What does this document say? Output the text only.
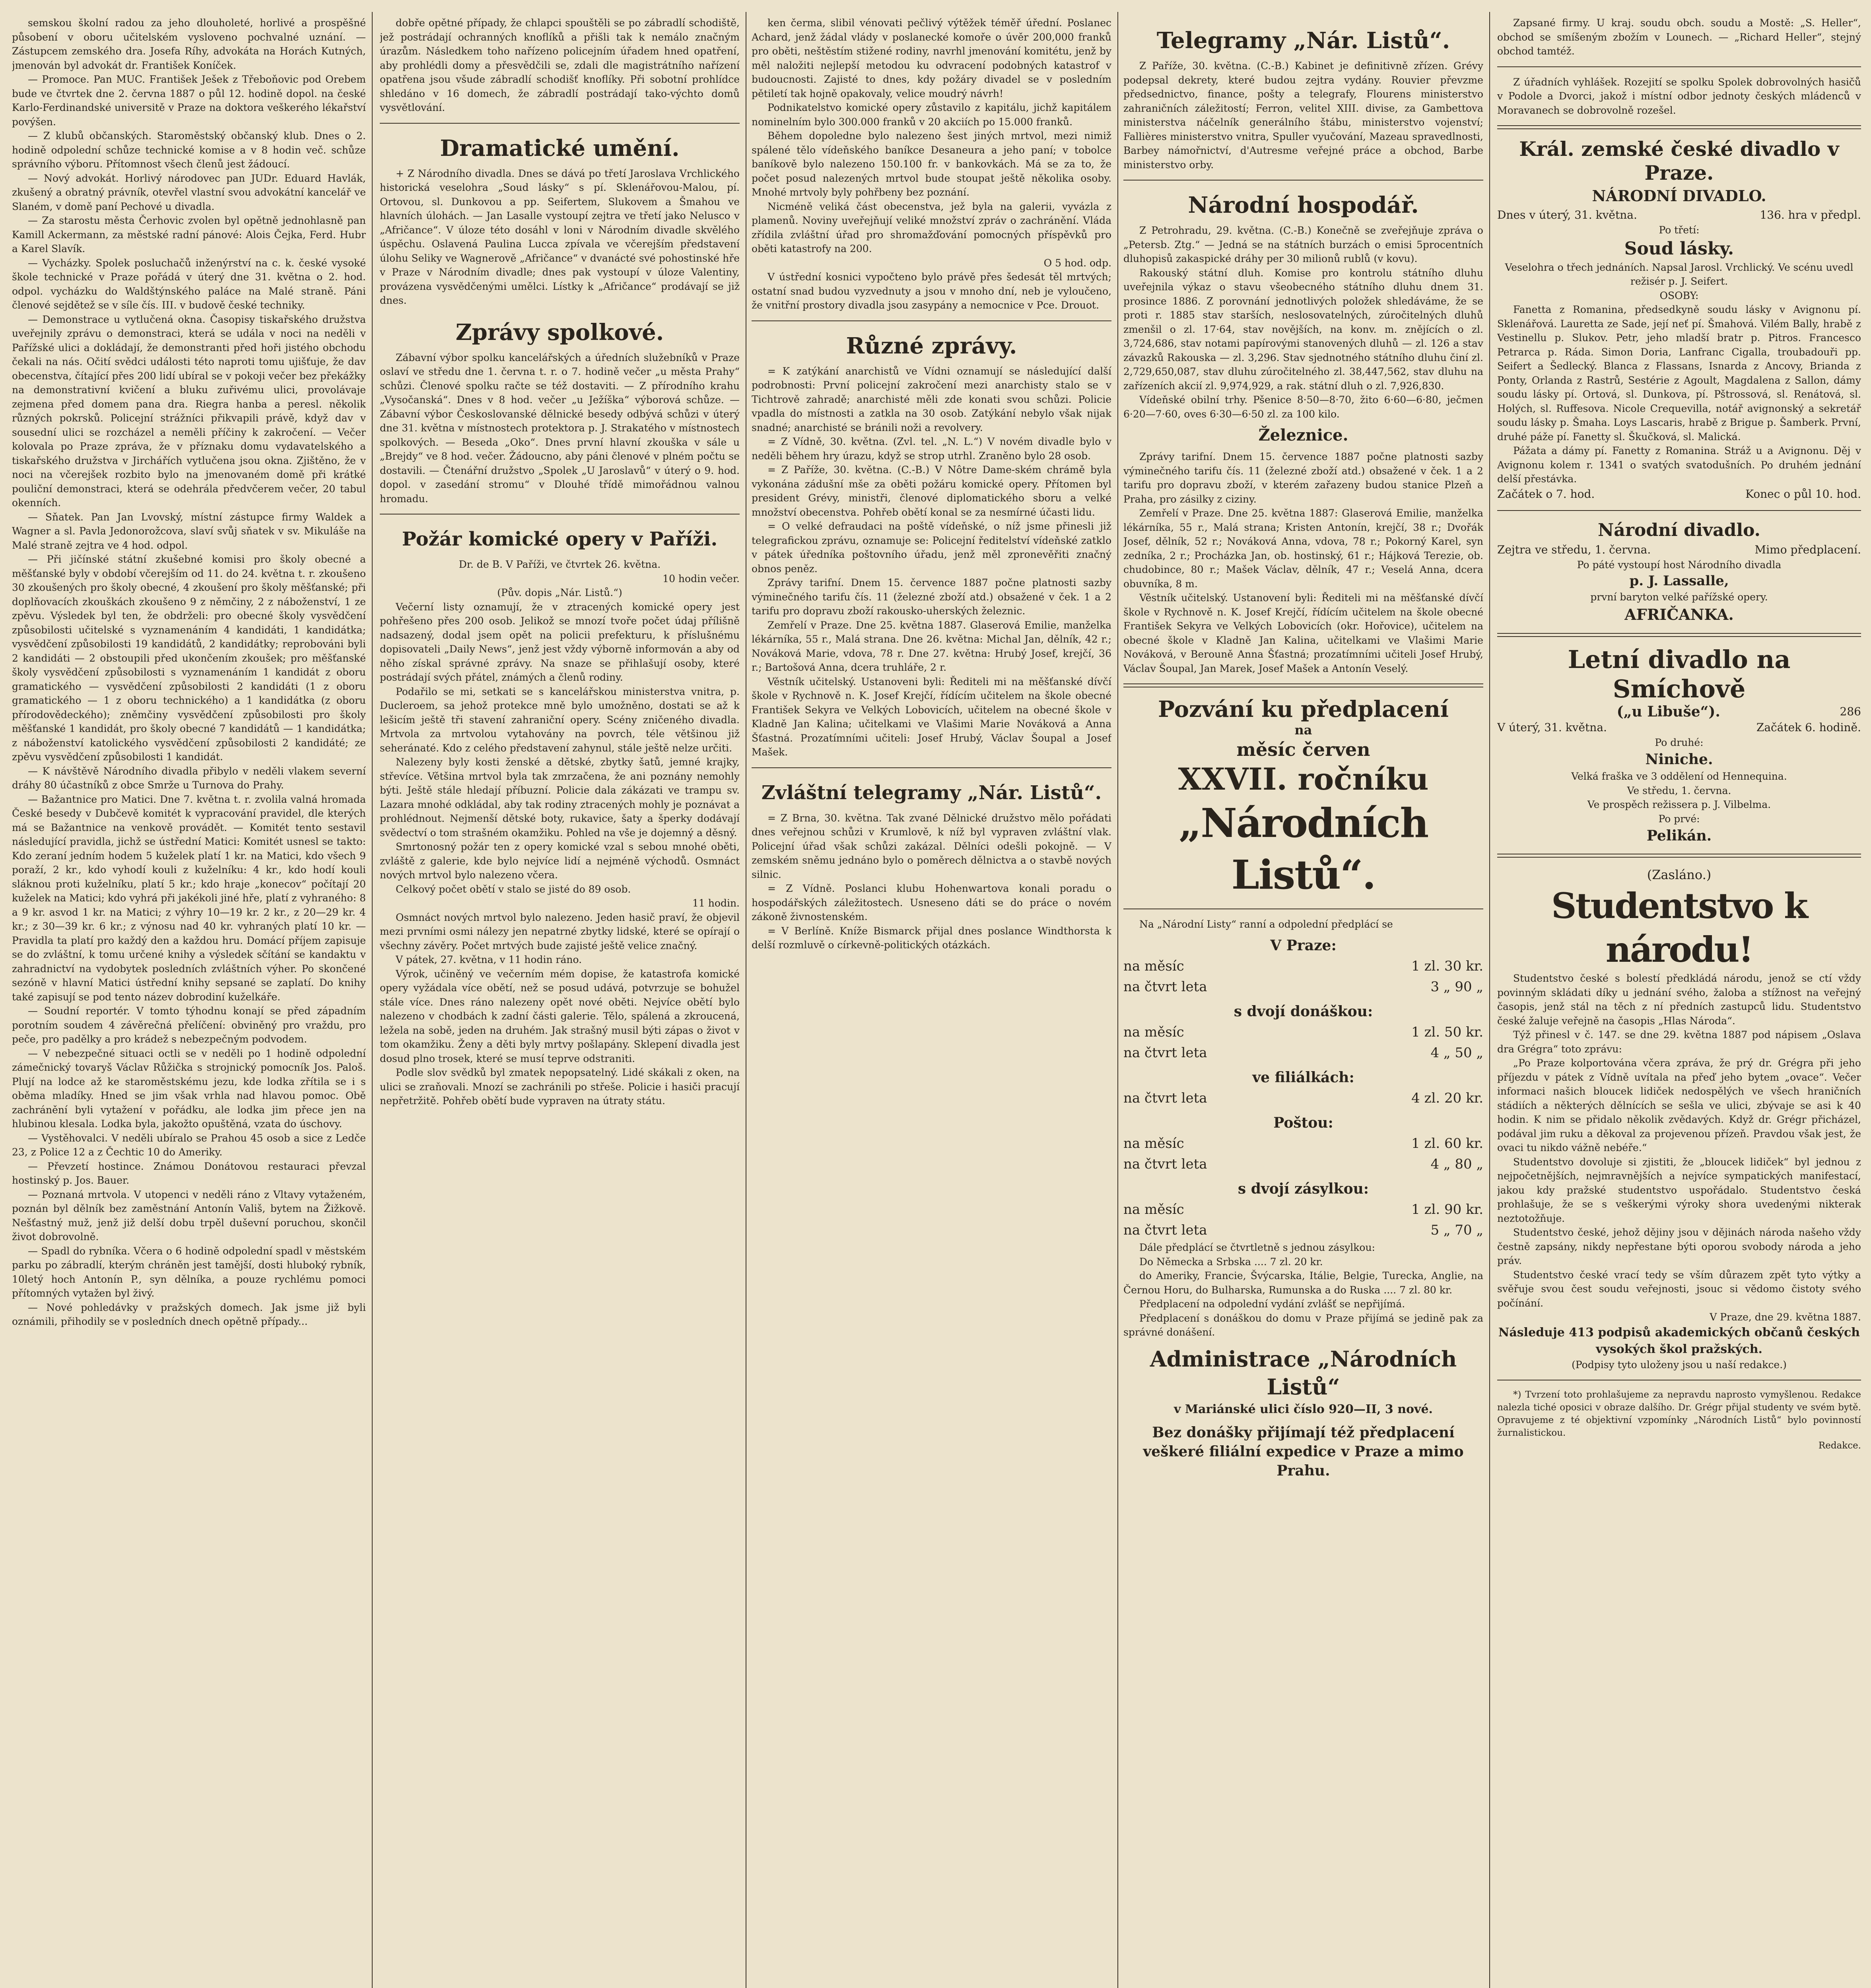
semskou školní radou za jeho dlouholeté, horlivé a prospěšné působení v oboru učitelském vysloveno pochvalné uznání. — Zástupcem zemského dra. Josefa Ríhy, advokáta na Horách Kutných, jmenován byl advokát dr. František Koníček.

— Promoce. Pan MUC. František Ješek z Třeboňovic pod Orebem bude ve čtvrtek dne 2. června 1887 o půl 12. hodině dopol. na české Karlo-Ferdinandské universitě v Praze na doktora veškerého lékařství povýšen.

— Z klubů občanských. Staroměstský občanský klub. Dnes o 2. hodině odpolední schůze technické komise a v 8 hodin več. schůze správního výboru. Přítomnost všech členů jest žádoucí.

— Nový advokát. Horlivý národovec pan JUDr. Eduard Havlák, zkušený a obratný právník, otevřel vlastní svou advokátní kancelář ve Slaném, v domě paní Pechové u divadla.

— Za starostu města Čerhovic zvolen byl opětně jednohlasně pan Kamill Ackermann, za městské radní pánové: Alois Čejka, Ferd. Hubr a Karel Slavík.

— Vycházky. Spolek posluchačů inženýrství na c. k. české vysoké škole technické v Praze pořádá v úterý dne 31. května o 2. hod. odpol. vycházku do Waldštýnského paláce na Malé straně. Páni členové sejdětež se v síle čís. III. v budově české techniky.

— Demonstrace u vytlučená okna. Časopisy tiskařského družstva uveřejnily zprávu o demonstraci, která se udála v noci na neděli v Pařížské ulici a dokládají, že demonstranti před hoři jistého obchodu čekali na nás. Očití svědci události této naproti tomu ujišťuje, že dav obecenstva, čítající přes 200 lidí ubíral se v pokoji večer bez překážky na demonstrativní kvičení a bluku zuřivému ulici, provolávaje zejmena před domem pana dra. Riegra hanba a peresl. několik různých pokrsků. Policejní strážníci přikvapili právě, když dav v sousední ulici se rozcházel a neměli příčiny k zakročení. — Večer kolovala po Praze zpráva, že v příznaku domu vydavatelského a tiskařského družstva v Jirchářích vytlučena jsou okna. Zjištěno, že v noci na včerejšek rozbito bylo na jmenovaném domě při krátké pouliční demonstraci, která se odehrála předvčerem večer, 20 tabul okenních.

— Sňatek. Pan Jan Lvovský, místní zástupce firmy Waldek a Wagner a sl. Pavla Jedonorožcova, slaví svůj sňatek v sv. Mikuláše na Malé straně zejtra ve 4 hod. odpol.

— Při jičínské státní zkušebné komisi pro školy obecné a měšťanské byly v období včerejším od 11. do 24. května t. r. zkoušeno 30 zkoušených pro školy obecné, 4 zkoušení pro školy měšťanské; při doplňovacích zkouškách zkoušeno 9 z němčiny, 2 z náboženství, 1 ze zpěvu. Výsledek byl ten, že obdrželi: pro obecné školy vysvědčení způsobilosti učitelské s vyznamenáním 4 kandidáti, 1 kandidátka; vysvědčení způsobilosti 19 kandidátů, 2 kandidátky; reprobováni byli 2 kandidáti — 2 obstoupili před ukončením zkoušek; pro měšťanské školy vysvědčení způsobilosti s vyznamenáním 1 kandidát z oboru gramatického — vysvědčení způsobilosti 2 kandidáti (1 z oboru gramatického — 1 z oboru technického) a 1 kandidátka (z oboru přírodovědeckého); zněmčiny vysvědčení způsobilosti pro školy měšťanské 1 kandidát, pro školy obecné 7 kandidátů — 1 kandidátka; z náboženství katolického vysvědčení způsobilosti 2 kandidáté; ze zpěvu vysvědčení způsobilosti 1 kandidát.

— K návštěvě Národního divadla přibylo v neděli vlakem severní dráhy 80 účastníků z obce Smrže u Turnova do Prahy.

— Bažantnice pro Matici. Dne 7. května t. r. zvolila valná hromada České besedy v Dubčevě komitét k vypracování pravidel, dle kterých má se Bažantnice na venkově provádět. — Komitét tento sestavil následující pravidla, jichž se ústřední Matici: Komitét usnesl se takto: Kdo zeraní jedním hodem 5 kuželek platí 1 kr. na Matici, kdo všech 9 poraží, 2 kr., kdo vyhodí kouli z kuželníku: 4 kr., kdo hodí kouli sláknou proti kuželníku, platí 5 kr.; kdo hraje „konecov“ počítají 20 kuželek na Matici; kdo vyhrá při jakékoli jiné hře, platí z vyhraného: 8 a 9 kr. asvod 1 kr. na Matici; z výhry 10—19 kr. 2 kr., z 20—29 kr. 4 kr.; z 30—39 kr. 6 kr.; z výnosu nad 40 kr. vyhraných platí 10 kr. — Pravidla ta platí pro každý den a každou hru. Domácí příjem zapisuje se do zvláštní, k tomu určené knihy a výsledek sčítání se kandaktu v zahradnictví na vydobytek posledních zvláštních výher. Po skončené sezóně v hlavní Matici ústřední knihy sepsané se zaplatí. Do knihy také zapisují se pod tento název dobrodiní kuželkáře.

— Soudní reportér. V tomto týhodnu konají se před západním porotním soudem 4 závěrečná přelíčení: obviněný pro vraždu, pro peče, pro padělky a pro krádež s nebezpečným podvodem.

— V nebezpečné situaci octli se v neděli po 1 hodině odpolední zámečnický tovaryš Václav Růžička s strojnický pomocník Jos. Paloš. Plují na lodce až ke staroměstskému jezu, kde lodka zřítila se i s oběma mladíky. Hned se jim však vrhla nad hlavou pomoc. Obě zachránění byli vytažení v pořádku, ale lodka jim přece jen na hlubinou klesala. Lodka byla, jakožto opuštěná, vzata do úschovy.

— Vystěhovalci. V neděli ubíralo se Prahou 45 osob a sice z Ledče 23, z Police 12 a z Čechtic 10 do Ameriky.

— Převzetí hostince. Známou Donátovou restauraci převzal hostinský p. Jos. Bauer.

— Poznaná mrtvola. V utopenci v neděli ráno z Vltavy vytaženém, poznán byl dělník bez zaměstnání Antonín Vališ, bytem na Žižkově. Nešťastný muž, jenž již delší dobu trpěl duševní poruchou, skončil život dobrovolně.

— Spadl do rybníka. Včera o 6 hodině odpolední spadl v městském parku po zábradlí, kterým chráněn jest tamější, dosti hluboký rybník, 10letý hoch Antonín P., syn dělníka, a pouze rychlému pomoci přítomných vytažen byl živý.

— Nové pohledávky v pražských domech. Jak jsme již byli oznámili, přihodily se v posledních dnech opětně případy...

dobře opětné případy, že chlapci spouštěli se po zábradlí schodiště, jež postrádají ochranných knoflíků a přišli tak k nemálo značným úrazům. Následkem toho nařízeno policejním úřadem hned opatření, aby prohlédli domy a přesvědčili se, zdali dle magistrátního nařízení opatřena jsou všude zábradlí schodišť knoflíky. Při sobotní prohlídce shledáno v 16 domech, že zábradlí postrádají tako-výchto domů vysvětlování.

Dramatické umění.

+ Z Národního divadla. Dnes se dává po třetí Jaroslava Vrchlického historická veselohra „Soud lásky“ s pí. Sklenářovou-Malou, pí. Ortovou, sl. Dunkovou a pp. Seifertem, Slukovem a Šmahou ve hlavních úlohách. — Jan Lasalle vystoupí zejtra ve třetí jako Nelusco v „Afričance“. V úloze této dosáhl v loni v Národním divadle skvělého úspěchu. Oslavená Paulina Lucca zpívala ve včerejším představení úlohu Seliky ve Wagnerově „Afričance“ v dvanácté své pohostinské hře v Praze v Národním divadle; dnes pak vystoupí v úloze Valentiny, provázena vysvědčenými umělci. Lístky k „Afričance“ prodávají se již dnes.

Zprávy spolkové.

Zábavní výbor spolku kancelářských a úředních služebníků v Praze oslaví ve středu dne 1. června t. r. o 7. hodině večer „u města Prahy“ schůzi. Členové spolku račte se též dostaviti. — Z přírodního krahu „Vysočanská“. Dnes v 8 hod. večer „u Ježíška“ výborová schůze. — Zábavní výbor Českoslovanské dělnické besedy odbývá schůzi v úterý dne 31. května v místnostech protektora p. J. Strakatého v místnostech spolkových. — Beseda „Oko“. Dnes první hlavní zkouška v sále u „Brejdy“ ve 8 hod. večer. Žádoucno, aby páni členové v plném počtu se dostavili. — Čtenářní družstvo „Spolek „U Jaroslavů“ v úterý o 9. hod. dopol. v zasedání stromu“ v Dlouhé třídě mimořádnou valnou hromadu.

Požár komické opery v Paříži.

Dr. de B. V Paříži, ve čtvrtek 26. května.

10 hodin večer.

(Pův. dopis „Nár. Listů.“)

Večerní listy oznamují, že v ztracených komické opery jest pohřešeno přes 200 osob. Jelikož se mnozí tvoře počet údaj přílišně nadsazený, dodal jsem opět na policii prefekturu, k příslušnému dopisovateli „Daily News“, jenž jest vždy výborně informován a aby od něho získal správné zprávy. Na snaze se přihlašují osoby, které postrádají svých přátel, známých a členů rodiny.

Podařilo se mi, setkati se s kancelářskou ministerstva vnitra, p. Ducleroem, sa jehož protekce mně bylo umožněno, dostati se až k lešicím ještě tři stavení zahraniční opery. Scény zničeného divadla. Mrtvola za mrtvolou vytahovány na povrch, téle většinou již seheránaté. Kdo z celého představení zahynul, stále ještě nelze určiti.

Nalezeny byly kosti ženské a dětské, zbytky šatů, jemné krajky, střevíce. Většina mrtvol byla tak zmrzačena, že ani poznány nemohly býti. Ještě stále hledají příbuzní. Policie dala zákázati ve trampu sv. Lazara mnohé odkládal, aby tak rodiny ztracených mohly je poznávat a prohlédnout. Nejmenší dětské boty, rukavice, šaty a šperky dodávají svědectví o tom strašném okamžiku. Pohled na vše je dojemný a děsný.

Smrtonosný požár ten z opery komické vzal s sebou mnohé oběti, zvláště z galerie, kde bylo nejvíce lidí a nejméně východů. Osmnáct nových mrtvol bylo nalezeno včera.

Celkový počet obětí v stalo se jisté do 89 osob.

11 hodin.

Osmnáct nových mrtvol bylo nalezeno. Jeden hasič praví, že objevil mezi prvními osmi nálezy jen nepatrné zbytky lidské, které se opírají o všechny závěry. Počet mrtvých bude zajisté ještě velice značný.

V pátek, 27. května, v 11 hodin ráno.

Výrok, učiněný ve večerním mém dopise, že katastrofa komické opery vyžádala více obětí, než se posud udává, potvrzuje se bohužel stále více. Dnes ráno nalezeny opět nové oběti. Nejvíce obětí bylo nalezeno v chodbách k zadní části galerie. Tělo, spálená a zkroucená, ležela na sobě, jeden na druhém. Jak strašný musil býti zápas o život v tom okamžiku. Ženy a děti byly mrtvy pošlapány. Sklepení divadla jest dosud plno trosek, které se musí teprve odstraniti.

Podle slov svědků byl zmatek nepopsatelný. Lidé skákali z oken, na ulici se zraňovali. Mnozí se zachránili po střeše. Policie i hasiči pracují nepřetržitě. Pohřeb obětí bude vypraven na útraty státu.

ken čerma, slibil vénovati pečlivý výtěžek téměř úřední. Poslanec Achard, jenž žádal vlády v poslanecké komoře o úvěr 200,000 franků pro oběti, neštěstím stižené rodiny, navrhl jmenování komitétu, jenž by měl naložiti nejlepší metodou ku odvracení podobných katastrof v budoucnosti. Zajisté to dnes, kdy požáry divadel se v posledním pětiletí tak hojně opakovaly, velice moudrý návrh!

Podnikatelstvo komické opery zůstavilo z kapitálu, jichž kapitálem nominelním bylo 300.000 franků v 20 akciích po 15.000 franků.

Během dopoledne bylo nalezeno šest jiných mrtvol, mezi nimiž spálené tělo vídeňského baníkce Desaneura a jeho paní; v tobolce baníkově bylo nalezeno 150.100 fr. v bankovkách. Má se za to, že počet posud nalezených mrtvol bude stoupat ještě několika osoby. Mnohé mrtvoly byly pohřbeny bez poznání.

Nicméně veliká část obecenstva, jež byla na galerii, vyvázla z plamenů. Noviny uveřejňují veliké množství zpráv o zachránění. Vláda zřídila zvláštní úřad pro shromažďování pomocných příspěvků pro oběti katastrofy na 200.

O 5 hod. odp.

V ústřední kosnici vypočteno bylo právě přes šedesát těl mrtvých; ostatní snad budou vyzvednuty a jsou v mnoho dní, neb je vyloučeno, že vnitřní prostory divadla jsou zasypány a nemocnice v Pce. Drouot.

Různé zprávy.

= K zatýkání anarchistů ve Vídni oznamují se následující další podrobnosti: První policejní zakročení mezi anarchisty stalo se v Tichtrově zahradě; anarchisté měli zde konati svou schůzi. Policie vpadla do místnosti a zatkla na 30 osob. Zatýkání nebylo však nijak snadné; anarchisté se bránili noži a revolvery.

= Z Vídně, 30. května. (Zvl. tel. „N. L.“) V novém divadle bylo v neděli během hry úrazu, když se strop utrhl. Zraněno bylo 28 osob.

= Z Paříže, 30. května. (C.-B.) V Nôtre Dame-ském chrámě byla vykonána zádušní mše za oběti požáru komické opery. Přítomen byl president Grévy, ministři, členové diplomatického sboru a velké množství obecenstva. Pohřeb obětí konal se za nesmírné účasti lidu.

= O velké defraudaci na poště vídeňské, o níž jsme přinesli již telegrafickou zprávu, oznamuje se: Policejní ředitelství vídeňské zatklo v pátek úředníka poštovního úřadu, jenž měl zpronevěřiti značný obnos peněz.

Zprávy tarifní. Dnem 15. července 1887 počne platnosti sazby výminečného tarifu čís. 11 (železné zboží atd.) obsažené v ček. 1 a 2 tarifu pro dopravu zboží rakousko-uherských železnic.

Zemřelí v Praze. Dne 25. května 1887. Glaserová Emilie, manželka lékárníka, 55 r., Malá strana. Dne 26. května: Michal Jan, dělník, 42 r.; Nováková Marie, vdova, 78 r. Dne 27. května: Hrubý Josef, krejčí, 36 r.; Bartošová Anna, dcera truhláře, 2 r.

Věstník učitelský. Ustanoveni byli: Řediteli mi na měšťanské dívčí škole v Rychnově n. K. Josef Krejčí, řídícím učitelem na škole obecné František Sekyra ve Velkých Lobovicích, učitelem na obecné škole v Kladně Jan Kalina; učitelkami ve Vlašimi Marie Nováková a Anna Šťastná. Prozatímními učiteli: Josef Hrubý, Václav Šoupal a Josef Mašek.

Zvláštní telegramy „Nár. Listů“.

= Z Brna, 30. května. Tak zvané Dělnické družstvo mělo pořádati dnes veřejnou schůzi v Krumlově, k níž byl vypraven zvláštní vlak. Policejní úřad však schůzi zakázal. Dělníci odešli pokojně. — V zemském sněmu jednáno bylo o poměrech dělnictva a o stavbě nových silnic.

= Z Vídně. Poslanci klubu Hohenwartova konali poradu o hospodářských záležitostech. Usneseno dáti se do práce o novém zákoně živnostenském.

= V Berlíně. Kníže Bismarck přijal dnes poslance Windthorsta k delší rozmluvě o církevně-politických otázkách.

Telegramy „Nár. Listů“.

Z Paříže, 30. května. (C.-B.) Kabinet je definitivně zřízen. Grévy podepsal dekrety, které budou zejtra vydány. Rouvier převzme předsednictvo, finance, pošty a telegrafy, Flourens ministerstvo zahraničních záležitostí; Ferron, velitel XIII. divise, za Gambettova ministerstva náčelník generálního štábu, ministerstvo vojenství; Fallières ministerstvo vnitra, Spuller vyučování, Mazeau spravedlnosti, Barbey námořnictví, d'Autresme veřejné práce a obchod, Barbe ministerstvo orby.

Národní hospodář.

Z Petrohradu, 29. května. (C.-B.) Konečně se zveřejňuje zpráva o „Petersb. Ztg.“ — Jedná se na státních burzách o emisi 5procentních dluhopisů zakaspické dráhy per 30 milionů rublů (v kovu).

Rakouský státní dluh. Komise pro kontrolu státního dluhu uveřejnila výkaz o stavu všeobecného státního dluhu dnem 31. prosince 1886. Z porovnání jednotlivých položek shledáváme, že se proti r. 1885 stav starších, neslosovatelných, zúročitelných dluhů zmenšil o zl. 17·64, stav novějších, na konv. m. znějících o zl. 3,724,686, stav notami papírovými stanovených dluhů — zl. 126 a stav závazků Rakouska — zl. 3,296. Stav sjednotného státního dluhu činí zl. 2,729,650,087, stav dluhu zúročitelného zl. 38,447,562, stav dluhu na zařízeních akcií zl. 9,974,929, a rak. státní dluh o zl. 7,926,830.

Vídeňské obilní trhy. Pšenice 8·50—8·70, žito 6·60—6·80, ječmen 6·20—7·60, oves 6·30—6·50 zl. za 100 kilo.

Železnice.

Zprávy tarifní. Dnem 15. července 1887 počne platnosti sazby výminečného tarifu čís. 11 (železné zboží atd.) obsažené v ček. 1 a 2 tarifu pro dopravu zboží, v kterém zařazeny budou stanice Plzeň a Praha, pro zásilky z ciziny.

Zemřelí v Praze. Dne 25. května 1887: Glaserová Emilie, manželka lékárníka, 55 r., Malá strana; Kristen Antonín, krejčí, 38 r.; Dvořák Josef, dělník, 52 r.; Nováková Anna, vdova, 78 r.; Pokorný Karel, syn zedníka, 2 r.; Procházka Jan, ob. hostinský, 61 r.; Hájková Terezie, ob. chudobince, 80 r.; Mašek Václav, dělník, 47 r.; Veselá Anna, dcera obuvníka, 8 m.

Věstník učitelský. Ustanovení byli: Řediteli mi na měšťanské dívčí škole v Rychnově n. K. Josef Krejčí, řídícím učitelem na škole obecné František Sekyra ve Velkých Lobovicích (okr. Hořovice), učitelem na obecné škole v Kladně Jan Kalina, učitelkami ve Vlašimi Marie Nováková, v Berouně Anna Šťastná; prozatímními učiteli Josef Hrubý, Václav Šoupal, Jan Marek, Josef Mašek a Antonín Veselý.

Pozvání ku předplacení
na
měsíc červen
XXVII. ročníku
„Národních Listů“.

Na „Národní Listy“ ranní a odpolední předplácí se

V Praze:
na měsíc	1 zl. 30 kr.
na čtvrt leta	3 „ 90 „
s dvojí donáškou:
na měsíc	1 zl. 50 kr.
na čtvrt leta	4 „ 50 „
ve filiálkách:
na čtvrt leta	4 zl. 20 kr.
Poštou:
na měsíc	1 zl. 60 kr.
na čtvrt leta	4 „ 80 „
s dvojí zásylkou:
na měsíc	1 zl. 90 kr.
na čtvrt leta	5 „ 70 „

Dále předplácí se čtvrtletně s jednou zásylkou:

Do Německa a Srbska .... 7 zl. 20 kr.

do Ameriky, Francie, Švýcarska, Itálie, Belgie, Turecka, Anglie, na Černou Horu, do Bulharska, Rumunska a do Ruska .... 7 zl. 80 kr.

Předplacení na odpolední vydání zvlášť se nepřijímá.

Předplacení s donáškou do domu v Praze přijímá se jedině pak za správné donášení.

Administrace „Národních Listů“
v Mariánské ulici číslo 920—II, 3 nové.
Bez donášky přijímají též předplacení veškeré filiální expedice v Praze a mimo Prahu.

Zapsané firmy. U kraj. soudu obch. soudu a Mostě: „S. Heller“, obchod se smíšeným zbožím v Lounech. — „Richard Heller“, stejný obchod tamtéž.

Z úřadních vyhlášek. Rozejití se spolku Spolek dobrovolných hasičů v Podole a Dvorci, jakož i místní odbor jednoty českých mládenců v Moravanech se dobrovolně rozešel.

Král. zemské české divadlo v Praze.
NÁRODNÍ DIVADLO.
Dnes v úterý, 31. května.	136. hra v předpl.

Po třetí:

Soud lásky.

Veselohra o třech jednáních. Napsal Jarosl. Vrchlický. Ve scénu uvedl režisér p. J. Seifert.

OSOBY:

Fanetta z Romanina, předsedkyně soudu lásky v Avignonu pí. Sklenářová. Lauretta ze Sade, její neť pí. Šmahová. Vilém Bally, hrabě z Vestinellu p. Slukov. Petr, jeho mladší bratr p. Pitros. Francesco Petrarca p. Ráda. Simon Doria, Lanfranc Cigalla, troubadouři pp. Seifert a Šedlecký. Blanca z Flassans, Isnarda z Ancovy, Brianda z Ponty, Orlanda z Rastrů, Sestérie z Agoult, Magdalena z Sallon, dámy soudu lásky pí. Ortová, sl. Dunkova, pí. Pštrossová, sl. Renátová, sl. Holých, sl. Ruffesova. Nicole Crequevilla, notář avignonský a sekretář soudu lásky p. Šmaha. Loys Lascaris, hrabě z Brigue p. Šamberk. První, druhé páže pí. Fanetty sl. Škučková, sl. Malická.

Pážata a dámy pí. Fanetty z Romanina. Stráž u a Avignonu. Děj v Avignonu kolem r. 1341 o svatých svatodušních. Po druhém jednání delší přestávka.

Začátek o 7. hod.	Konec o půl 10. hod.
Národní divadlo.
Zejtra ve středu, 1. června.	Mimo předplacení.

Po páté vystoupí host Národního divadla

p. J. Lassalle,

první baryton velké pařížské opery.

AFRIČANKA.
Letní divadlo na Smíchově
(„u Libuše“).	286
V úterý, 31. května.	Začátek 6. hodině.

Po druhé:

Niniche.

Velká fraška ve 3 oddělení od Hennequina.

Ve středu, 1. června.

Ve prospěch režissera p. J. Vilbelma.

Po prvé:

Pelikán.

(Zasláno.)

Studentstvo k národu!

Studentstvo české s bolestí předkládá národu, jenož se ctí vždy povinným skládati díky u jednání svého, žaloba a stížnost na veřejný časopis, jenž stál na těch z ní předních zastupců lidu. Studentstvo české žaluje veřejně na časopis „Hlas Národa“.

Týž přinesl v č. 147. se dne 29. května 1887 pod nápisem „Oslava dra Grégra“ toto zprávu:

„Po Praze kolportována včera zpráva, že prý dr. Grégra při jeho příjezdu v pátek z Vídně uvítala na přeď jeho bytem „ovace“. Večer informaci našich bloucek lidiček nedospělých ve všech hraničních stádiích a některých dělnících se sešla ve ulici, zbývaje se asi k 40 hodin. K nim se přidalo několik zvědavých. Když dr. Grégr přicházel, podával jim ruku a děkoval za projevenou přízeň. Pravdou však jest, že ovaci tu nikdo vážně nebéře.“

Studentstvo dovoluje si zjistiti, že „bloucek lidiček“ byl jednou z nejpočetnějších, nejmravnějších a nejvíce sympatických manifestací, jakou kdy pražské studentstvo uspořádalo. Studentstvo česká prohlašuje, že se s veškerými výroky shora uvedenými nikterak neztotožňuje.

Studentstvo české, jehož dějiny jsou v dějinách národa našeho vždy čestně zapsány, nikdy nepřestane býti oporou svobody národa a jeho práv.

Studentstvo české vrací tedy se vším důrazem zpět tyto výtky a svěřuje svou čest soudu veřejnosti, jsouc si vědomo čistoty svého počínání.

V Praze, dne 29. května 1887.

Následuje 413 podpisů akademických občanů českých vysokých škol pražských.

(Podpisy tyto uloženy jsou u naší redakce.)

*) Tvrzení toto prohlašujeme za nepravdu naprosto vymyšlenou. Redakce nalezla tiché oposici v obraze dalšího. Dr. Grégr přijal studenty ve svém bytě. Opravujeme z té objektivní vzpomínky „Národních Listů“ bylo povinností žurnalistickou.

Redakce.
